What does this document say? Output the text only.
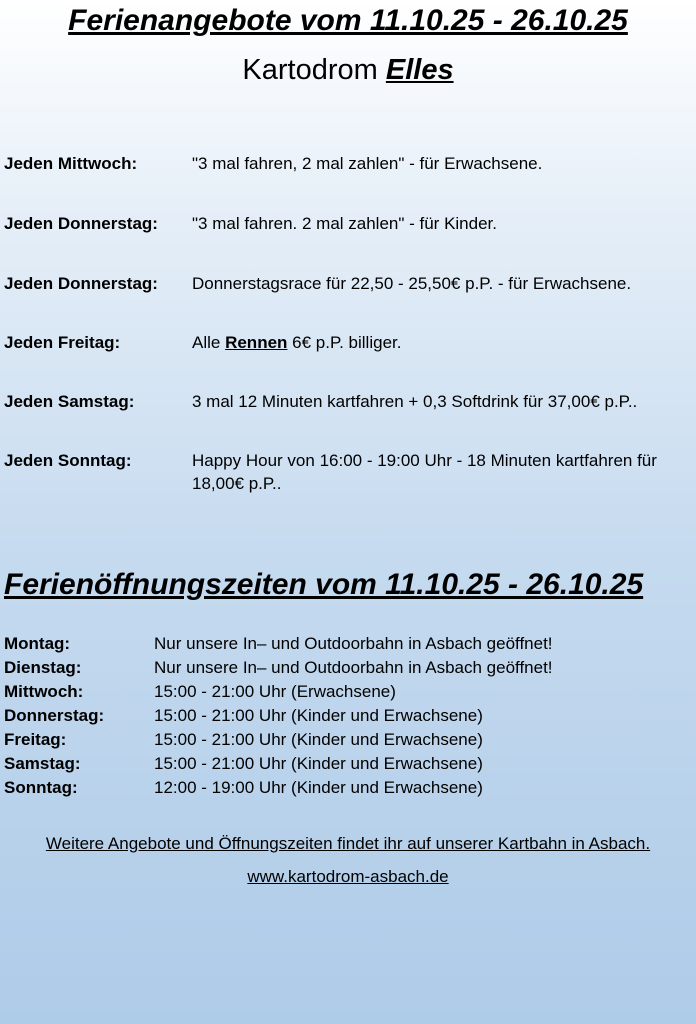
Ferienangebote vom 11.10.25 - 26.10.25
Kartodrom Elles
Jeden Mittwoch:	"3 mal fahren, 2 mal zahlen" - für Erwachsene.
Jeden Donnerstag: "3 mal fahren. 2 mal zahlen" - für Kinder.
Jeden Donnerstag: Donnerstagsrace für 22,50 - 25,50€ p.P. - für Erwachsene.
Jeden Freitag:	Alle Rennen 6€ p.P. billiger.
Jeden Samstag:	3 mal 12 Minuten kartfahren + 0,3 Softdrink für 37,00€ p.P..
Jeden Sonntag:	Happy Hour von 16:00 - 19:00 Uhr - 18 Minuten kartfahren für 18,00€ p.P..
Ferienöffnungszeiten vom 11.10.25 - 26.10.25
Montag:	Nur unsere In– und Outdoorbahn in Asbach geöffnet!
Dienstag:	Nur unsere In– und Outdoorbahn in Asbach geöffnet!
Mittwoch:	15:00 - 21:00 Uhr (Erwachsene)
Donnerstag:	15:00 - 21:00 Uhr (Kinder und Erwachsene)
Freitag:	15:00 - 21:00 Uhr (Kinder und Erwachsene)
Samstag:	15:00 - 21:00 Uhr (Kinder und Erwachsene)
Sonntag:	12:00 - 19:00 Uhr (Kinder und Erwachsene)
Weitere Angebote und Öffnungszeiten findet ihr auf unserer Kartbahn in Asbach.
www.kartodrom-asbach.de
